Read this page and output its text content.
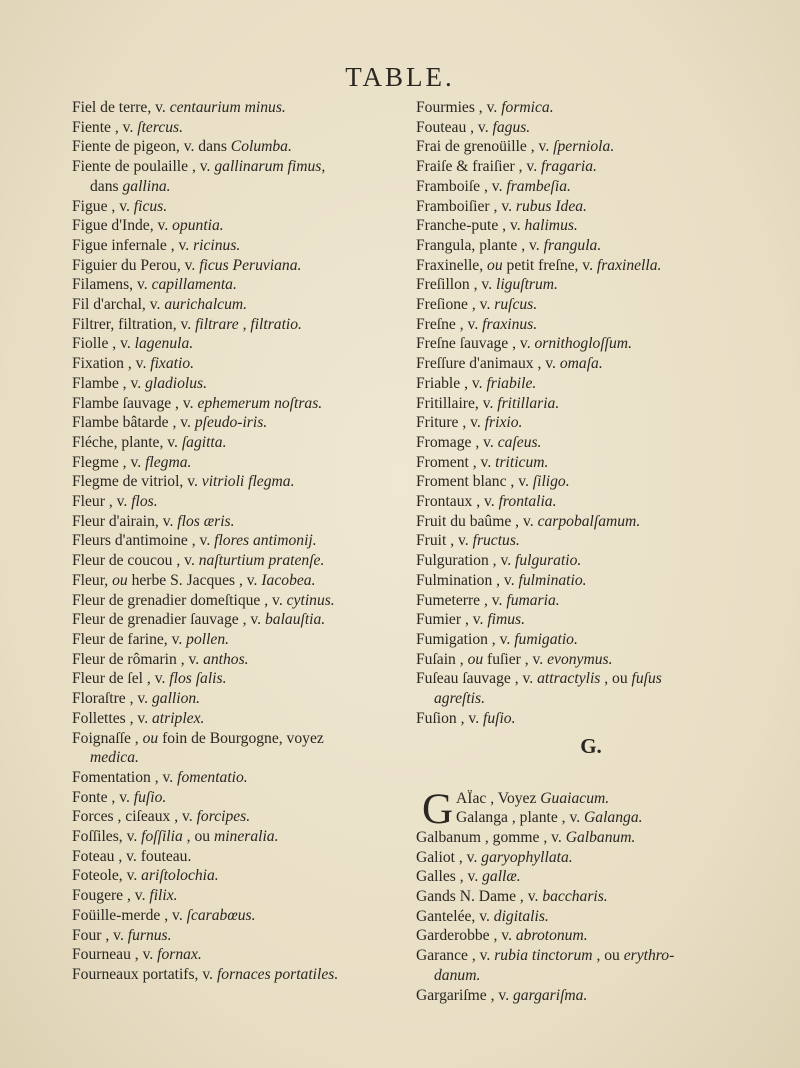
TABLE.
Fiel de terre, v. centaurium minus.
Fiente , v. ſtercus.
Fiente de pigeon, v. dans Columba.
Fiente de poulaille , v. gallinarum fimus,
dans gallina.
Figue , v. ficus.
Figue d'Inde, v. opuntia.
Figue infernale , v. ricinus.
Figuier du Perou, v. ficus Peruviana.
Filamens, v. capillamenta.
Fil d'archal, v. aurichalcum.
Filtrer, filtration, v. filtrare , filtratio.
Fiolle , v. lagenula.
Fixation , v. fixatio.
Flambe , v. gladiolus.
Flambe ſauvage , v. ephemerum noſtras.
Flambe bâtarde , v. pſeudo-iris.
Fléche, plante, v. ſagitta.
Flegme , v. flegma.
Flegme de vitriol, v. vitrioli flegma.
Fleur , v. flos.
Fleur d'airain, v. flos æris.
Fleurs d'antimoine , v. flores antimonij.
Fleur de coucou , v. naſturtium pratenſe.
Fleur, ou herbe S. Jacques , v. Iacobea.
Fleur de grenadier domeſtique , v. cytinus.
Fleur de grenadier ſauvage , v. balauſtia.
Fleur de farine, v. pollen.
Fleur de rômarin , v. anthos.
Fleur de ſel , v. flos ſalis.
Floraſtre , v. gallion.
Follettes , v. atriplex.
Foignaſſe , ou foin de Bourgogne, voyez
medica.
Fomentation , v. fomentatio.
Fonte , v. fuſio.
Forces , ciſeaux , v. forcipes.
Foſſiles, v. foſſilia , ou mineralia.
Foteau , v. fouteau.
Foteole, v. ariſtolochia.
Fougere , v. filix.
Foüille-merde , v. ſcarabœus.
Four , v. furnus.
Fourneau , v. fornax.
Fourneaux portatifs, v. fornaces portatiles.
Fourmies , v. formica.
Fouteau , v. fagus.
Frai de grenoüille , v. ſperniola.
Fraiſe & fraiſier , v. fragaria.
Framboiſe , v. frambeſia.
Framboiſier , v. rubus Idea.
Franche-pute , v. halimus.
Frangula, plante , v. frangula.
Fraxinelle, ou petit freſne, v. fraxinella.
Freſillon , v. liguſtrum.
Freſione , v. ruſcus.
Freſne , v. fraxinus.
Freſne ſauvage , v. ornithogloſſum.
Freſſure d'animaux , v. omaſa.
Friable , v. friabile.
Fritillaire, v. fritillaria.
Friture , v. frixio.
Fromage , v. caſeus.
Froment , v. triticum.
Froment blanc , v. ſiligo.
Frontaux , v. frontalia.
Fruit du baûme , v. carpobalſamum.
Fruit , v. fructus.
Fulguration , v. fulguratio.
Fulmination , v. fulminatio.
Fumeterre , v. fumaria.
Fumier , v. fimus.
Fumigation , v. fumigatio.
Fuſain , ou fuſier , v. evonymus.
Fuſeau ſauvage , v. attractylis , ou fuſus
agreſtis.
Fuſion , v. fuſio.
G.
G AÏac , Voyez Guaiacum.
Galanga , plante , v. Galanga.
Galbanum , gomme , v. Galbanum.
Galiot , v. garyophyllata.
Galles , v. gallæ.
Gands N. Dame , v. baccharis.
Gantelée, v. digitalis.
Garderobbe , v. abrotonum.
Garance , v. rubia tinctorum , ou erythro-
danum.
Gargariſme , v. gargariſma.
